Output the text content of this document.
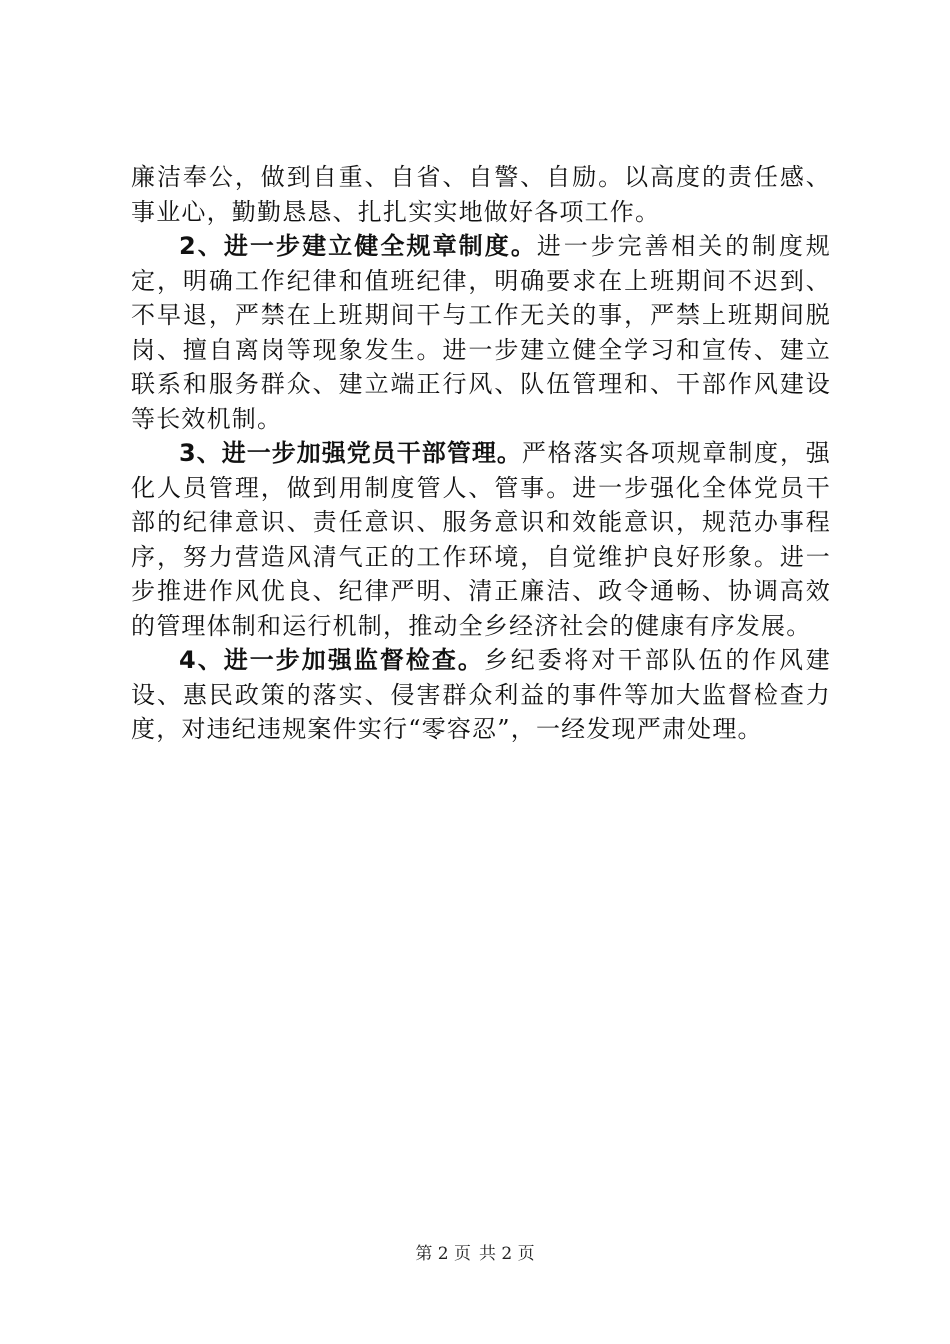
廉洁奉公，做到自重、自省、自警、自励。以高度的责任感、事业心，勤勤恳恳、扎扎实实地做好各项工作。

2、进一步建立健全规章制度。进一步完善相关的制度规定，明确工作纪律和值班纪律，明确要求在上班期间不迟到、不早退，严禁在上班期间干与工作无关的事，严禁上班期间脱岗、擅自离岗等现象发生。进一步建立健全学习和宣传、建立联系和服务群众、建立端正行风、队伍管理和、干部作风建设等长效机制。

3、进一步加强党员干部管理。严格落实各项规章制度，强化人员管理，做到用制度管人、管事。进一步强化全体党员干部的纪律意识、责任意识、服务意识和效能意识，规范办事程序，努力营造风清气正的工作环境，自觉维护良好形象。进一步推进作风优良、纪律严明、清正廉洁、政令通畅、协调高效的管理体制和运行机制，推动全乡经济社会的健康有序发展。

4、进一步加强监督检查。乡纪委将对干部队伍的作风建设、惠民政策的落实、侵害群众利益的事件等加大监督检查力度，对违纪违规案件实行“零容忍”，一经发现严肃处理。

第 2 页 共 2 页
